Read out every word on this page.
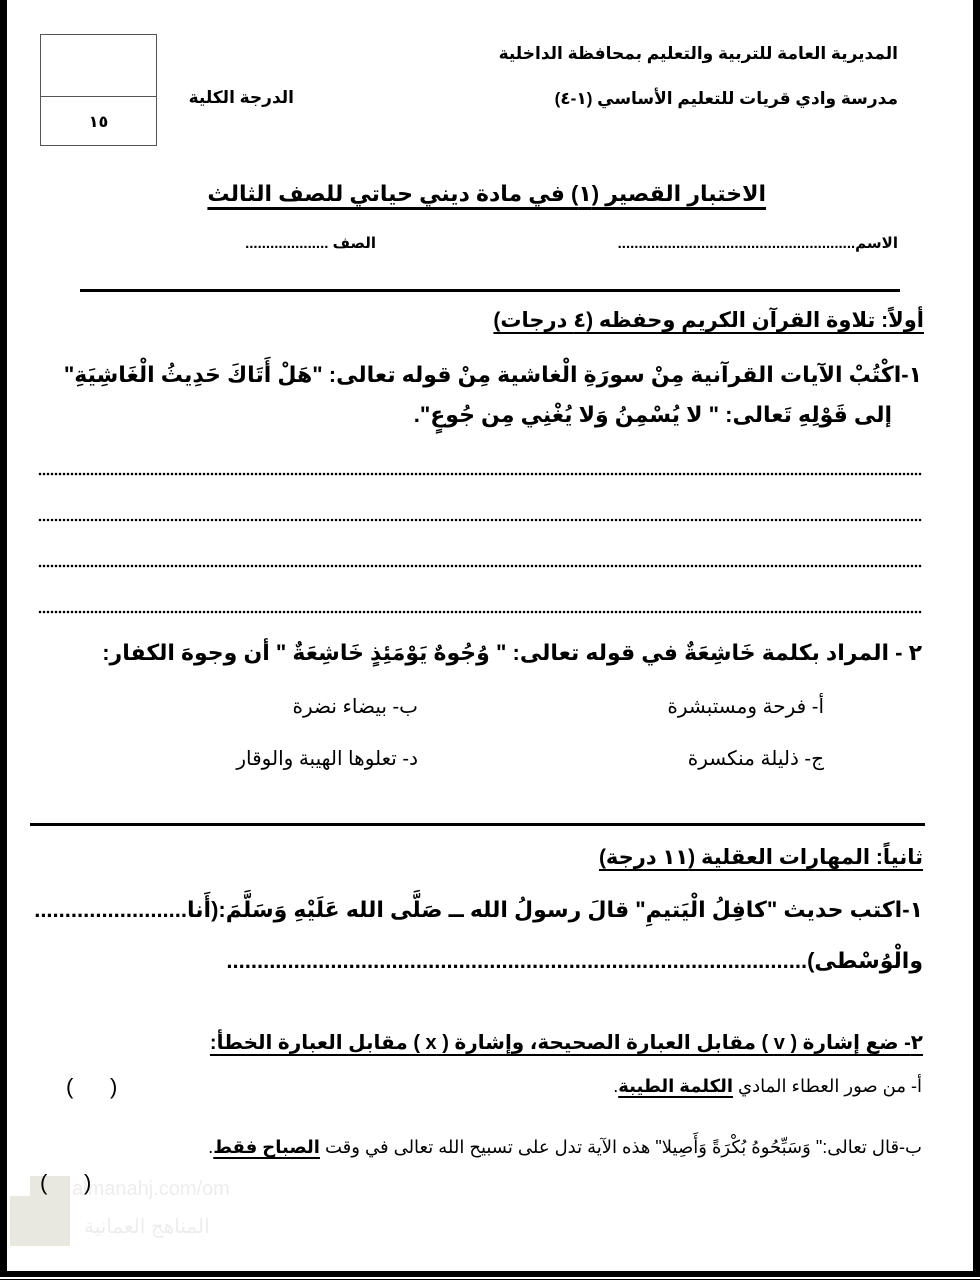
١٥
الدرجة الكلية
المديرية العامة للتربية والتعليم بمحافظة الداخلية
مدرسة وادي قريات للتعليم الأساسي (١-٤)
الاختبار القصير (١) في مادة ديني حياتي للصف الثالث
الاسم.........................................................
الصف ....................
أولاً: تلاوة القرآن الكريم وحفظه (٤ درجات)
١-اكْتُبْ الآيات القرآنية مِنْ سورَةِ الْغاشية مِنْ قوله تعالى: "هَلْ أَتَاكَ حَدِيثُ الْغَاشِيَةِ"
إلى قَوْلِهِ تَعالى: " لا يُسْمِنُ وَلا يُغْنِي مِن جُوعٍ".
٢ - المراد بكلمة خَاشِعَةٌ في قوله تعالى: " وُجُوهٌ يَوْمَئِذٍ خَاشِعَةٌ " أن وجوهَ الكفار:
أ- فرحة ومستبشرة
ب- بيضاء نضرة
ج- ذليلة منكسرة
د- تعلوها الهيبة والوقار
ثانياً: المهارات العقلية (١١ درجة)
١-اكتب حديث "كافِلُ الْيَتيمِ" قالَ رسولُ الله ــ صَلَّى الله عَلَيْهِ وَسَلَّمَ:(أَنا.........................
والْوُسْطى)...............................................................................................
٢- ضع إشارة ( v ) مقابل العبارة الصحيحة، وإشارة ( x ) مقابل العبارة الخطأ:
أ- من صور العطاء المادي الكلمة الطيبة.
(      )
ب-قال تعالى:" وَسَبِّحُوهُ بُكْرَةً وَأَصِيلا" هذه الآية تدل على تسبيح الله تعالى في وقت الصباح فقط.
almanahj.com/om
المناهج العمانية
(      )
